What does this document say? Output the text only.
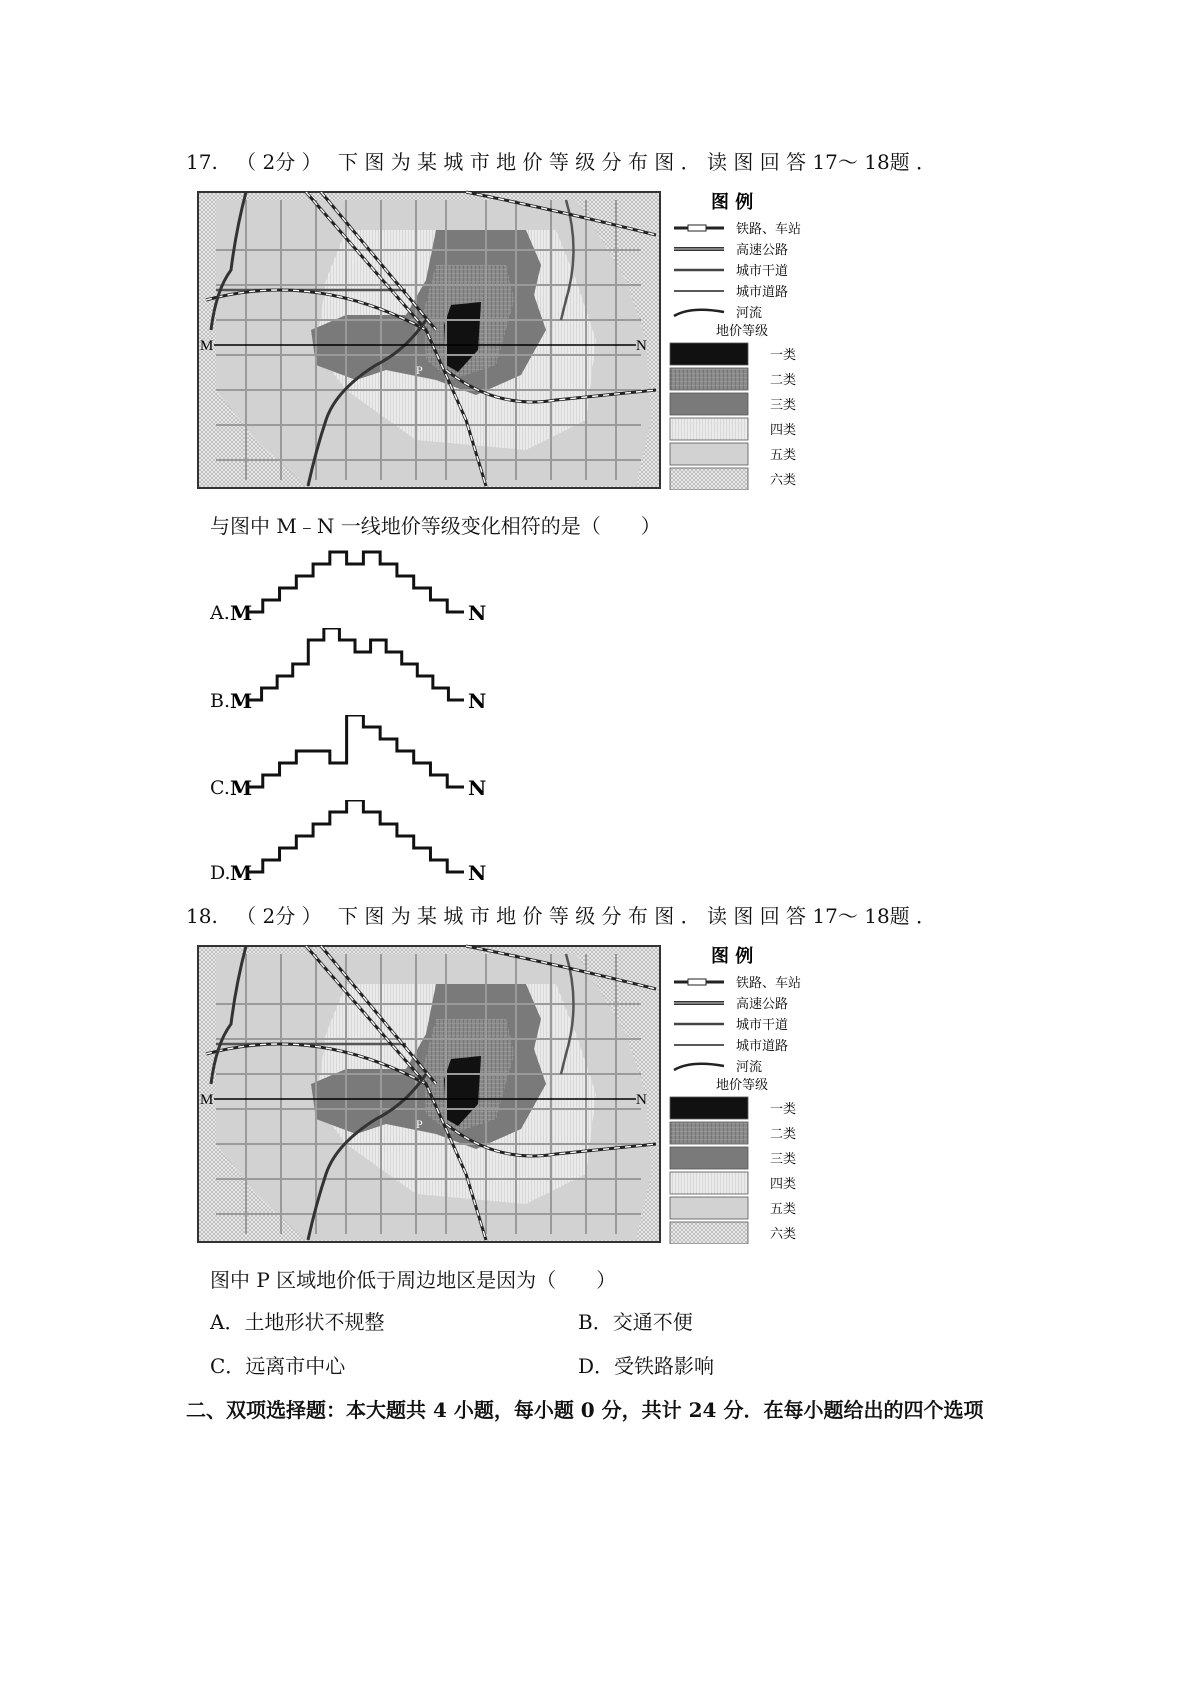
17. （ 2分 ） 下 图 为 某 城 市 地 价 等 级 分 布 图 ． 读 图 回 答 17～ 18题 ．
M	N
P
图 例
铁路、车站
高速公路
城市干道
城市道路
河流
地价等级
一类
二类
三类
四类
五类
六类
与图中 M﹣N 一线地价等级变化相符的是（　　）
A. M	N
B. M	N
C. M	N
D. M	N
18. （ 2分 ） 下 图 为 某 城 市 地 价 等 级 分 布 图 ． 读 图 回 答 17～ 18题 ．
M	N
P
图 例
铁路、车站
高速公路
城市干道
城市道路
河流
地价等级
一类
二类
三类
四类
五类
六类
图中 P 区域地价低于周边地区是因为（　　）
A．土地形状不规整	B．交通不便
C．远离市中心	D．受铁路影响
二、双项选择题：本大题共 4 小题，每小题 0 分，共计 24 分．在每小题给出的四个选项
